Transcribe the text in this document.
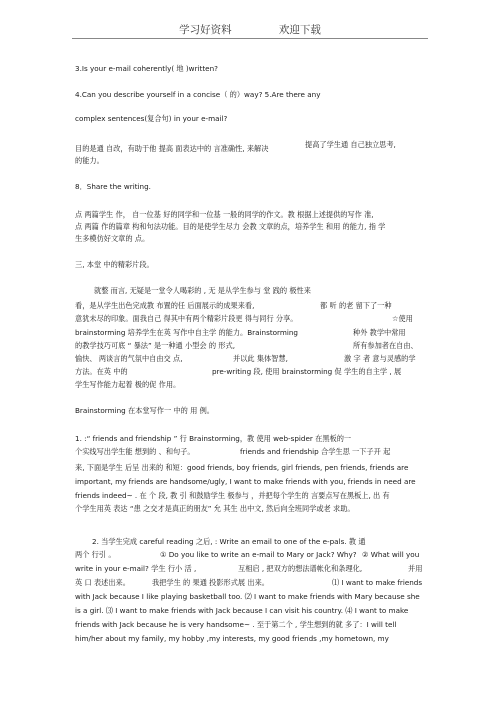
学习好资料	欢迎下载
3.Is your e-mail coherently( 地 )written?
4.Can you describe yourself in a concise（ 的）way? 5.Are there any
complex sentences(复合句) in your e-mail?
目的是通 自改，有助于他 提高 面表达中的 言准确性, 来解决	提高了学生通 自己独立思考,
的能力。
8．Share the writing.
点 两篇学生 作， 自一位基 好的同学和一位基 一般的同学的作文。教 根据上述提供的写作 准,
点 两篇 作的篇章 构和句法功能。目的是使学生尽力 会教 文章的点，培养学生 和用 的能力, 指 学
生多模仿好文章的 点。
三, 本堂 中的精彩片段。
就整 而言, 无疑是一堂令人喝彩的 , 无 是从学生参与 堂 践的 极性来
看，是从学生出色完成教 布置的任 后面展示的成果来看,	都 听 的老 留下了一种
意犹未尽的印象。面我自己 得其中有两个精彩片段更 得与同行 分享。	☆使用
brainstorming 培养学生在英 写作中自主学 的能力。Brainstorming	种外 教学中常用
的教学技巧可底 “ 暴法” 是一种通 小型会 的 形式,	所有参加者在自由、
愉快、 两谈言的气氛中自由交 点,	并以此 集体智慧,	激 字 者 意与灵感的学
方法。在英 中的	pre-writing 段, 使用 brainstorming 促 学生的自主学 , 展
学生写作能力起着 极的促 作用。
Brainstorming 在本堂写作一 中的 用 例。
1. :“ friends and friendship ” 行 Brainstorming，教 使用 web-spider 在黑板的一
个实线写出学生能 想到的 、和句子。	friends and friendship 合学生思 一下子开 起
来, 下面是学生 后呈 出来的 和短：good friends, boy friends, girl friends, pen friends, friends are
important, my friends are handsome/ugly, I want to make friends with you, friends in need are
friends indeed~ . 在 个 段, 教 引 和鼓励学生 极参与 ，并把每个学生的 言要点写在黑板上, 出 有
个学生用英 表达 “患 之交才是真正的朋友” 允 其生 出中文, 然后向全班同学或老 求助。
2. 当学生完成 careful reading 之后, : Write an email to one of the e-pals. 教 通
两个 行引 。	① Do you like to write an e-mail to Mary or Jack? Why? ② What will you
write in your e-mail? 学生 行小 活 ,	互相启 , 把双方的想法谱帐化和条理化,	并用
英 口 表述出来。	我把学生 的 果通 投影形式展 出来。	⑴ I want to make friends
with Jack because I like playing basketball too. ⑵ I want to make friends with Mary because she
is a girl. ⑶ I want to make friends with Jack because I can visit his country. ⑷ I want to make
friends with Jack because he is very handsome~ . 至于第二个 , 学生想到的就 多了：I will tell
him/her about my family, my hobby ,my interests, my good friends ,my hometown, my
